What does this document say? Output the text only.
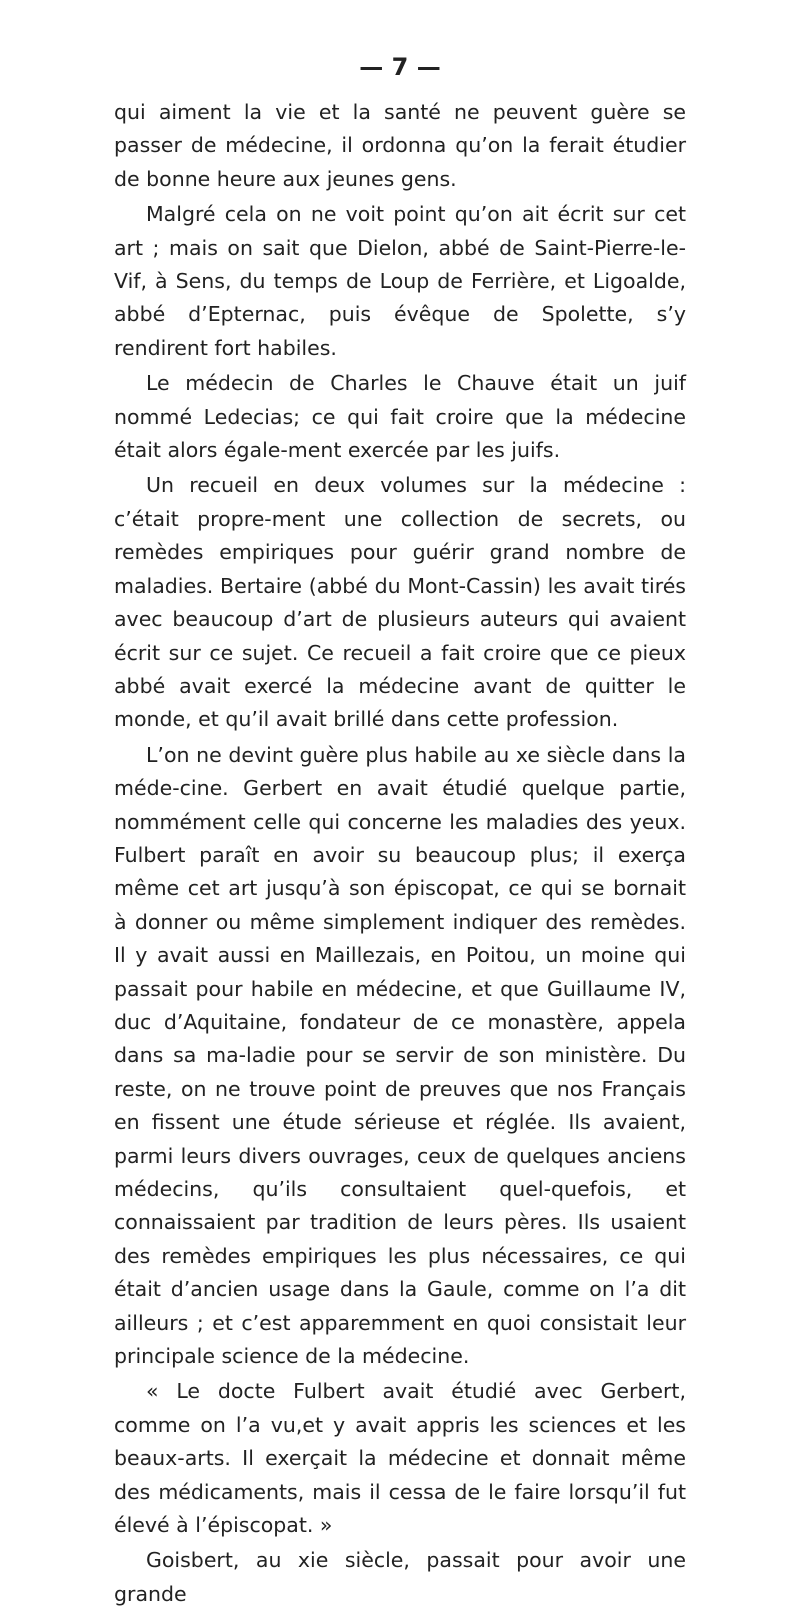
— 7 —

qui aiment la vie et la santé ne peuvent guère se passer de médecine, il ordonna qu’on la ferait étudier de bonne heure aux jeunes gens.

Malgré cela on ne voit point qu’on ait écrit sur cet art ; mais on sait que Dielon, abbé de Saint-Pierre-le-Vif, à Sens, du temps de Loup de Ferrière, et Ligoalde, abbé d’Epternac, puis évêque de Spolette, s’y rendirent fort habiles.

Le médecin de Charles le Chauve était un juif nommé Ledecias; ce qui fait croire que la médecine était alors égale-ment exercée par les juifs.

Un recueil en deux volumes sur la médecine : c’était propre-ment une collection de secrets, ou remèdes empiriques pour guérir grand nombre de maladies. Bertaire (abbé du Mont-Cassin) les avait tirés avec beaucoup d’art de plusieurs auteurs qui avaient écrit sur ce sujet. Ce recueil a fait croire que ce pieux abbé avait exercé la médecine avant de quitter le monde, et qu’il avait brillé dans cette profession.

L’on ne devint guère plus habile au xe siècle dans la méde-cine. Gerbert en avait étudié quelque partie, nommément celle qui concerne les maladies des yeux. Fulbert paraît en avoir su beaucoup plus; il exerça même cet art jusqu’à son épiscopat, ce qui se bornait à donner ou même simplement indiquer des remèdes. Il y avait aussi en Maillezais, en Poitou, un moine qui passait pour habile en médecine, et que Guillaume IV, duc d’Aquitaine, fondateur de ce monastère, appela dans sa ma-ladie pour se servir de son ministère. Du reste, on ne trouve point de preuves que nos Français en fissent une étude sérieuse et réglée. Ils avaient, parmi leurs divers ouvrages, ceux de quelques anciens médecins, qu’ils consultaient quel-quefois, et connaissaient par tradition de leurs pères. Ils usaient des remèdes empiriques les plus nécessaires, ce qui était d’ancien usage dans la Gaule, comme on l’a dit ailleurs ; et c’est apparemment en quoi consistait leur principale science de la médecine.

« Le docte Fulbert avait étudié avec Gerbert, comme on l’a vu,et y avait appris les sciences et les beaux-arts. Il exerçait la médecine et donnait même des médicaments, mais il cessa de le faire lorsqu’il fut élevé à l’épiscopat. »

Goisbert, au xie siècle, passait pour avoir une grande
